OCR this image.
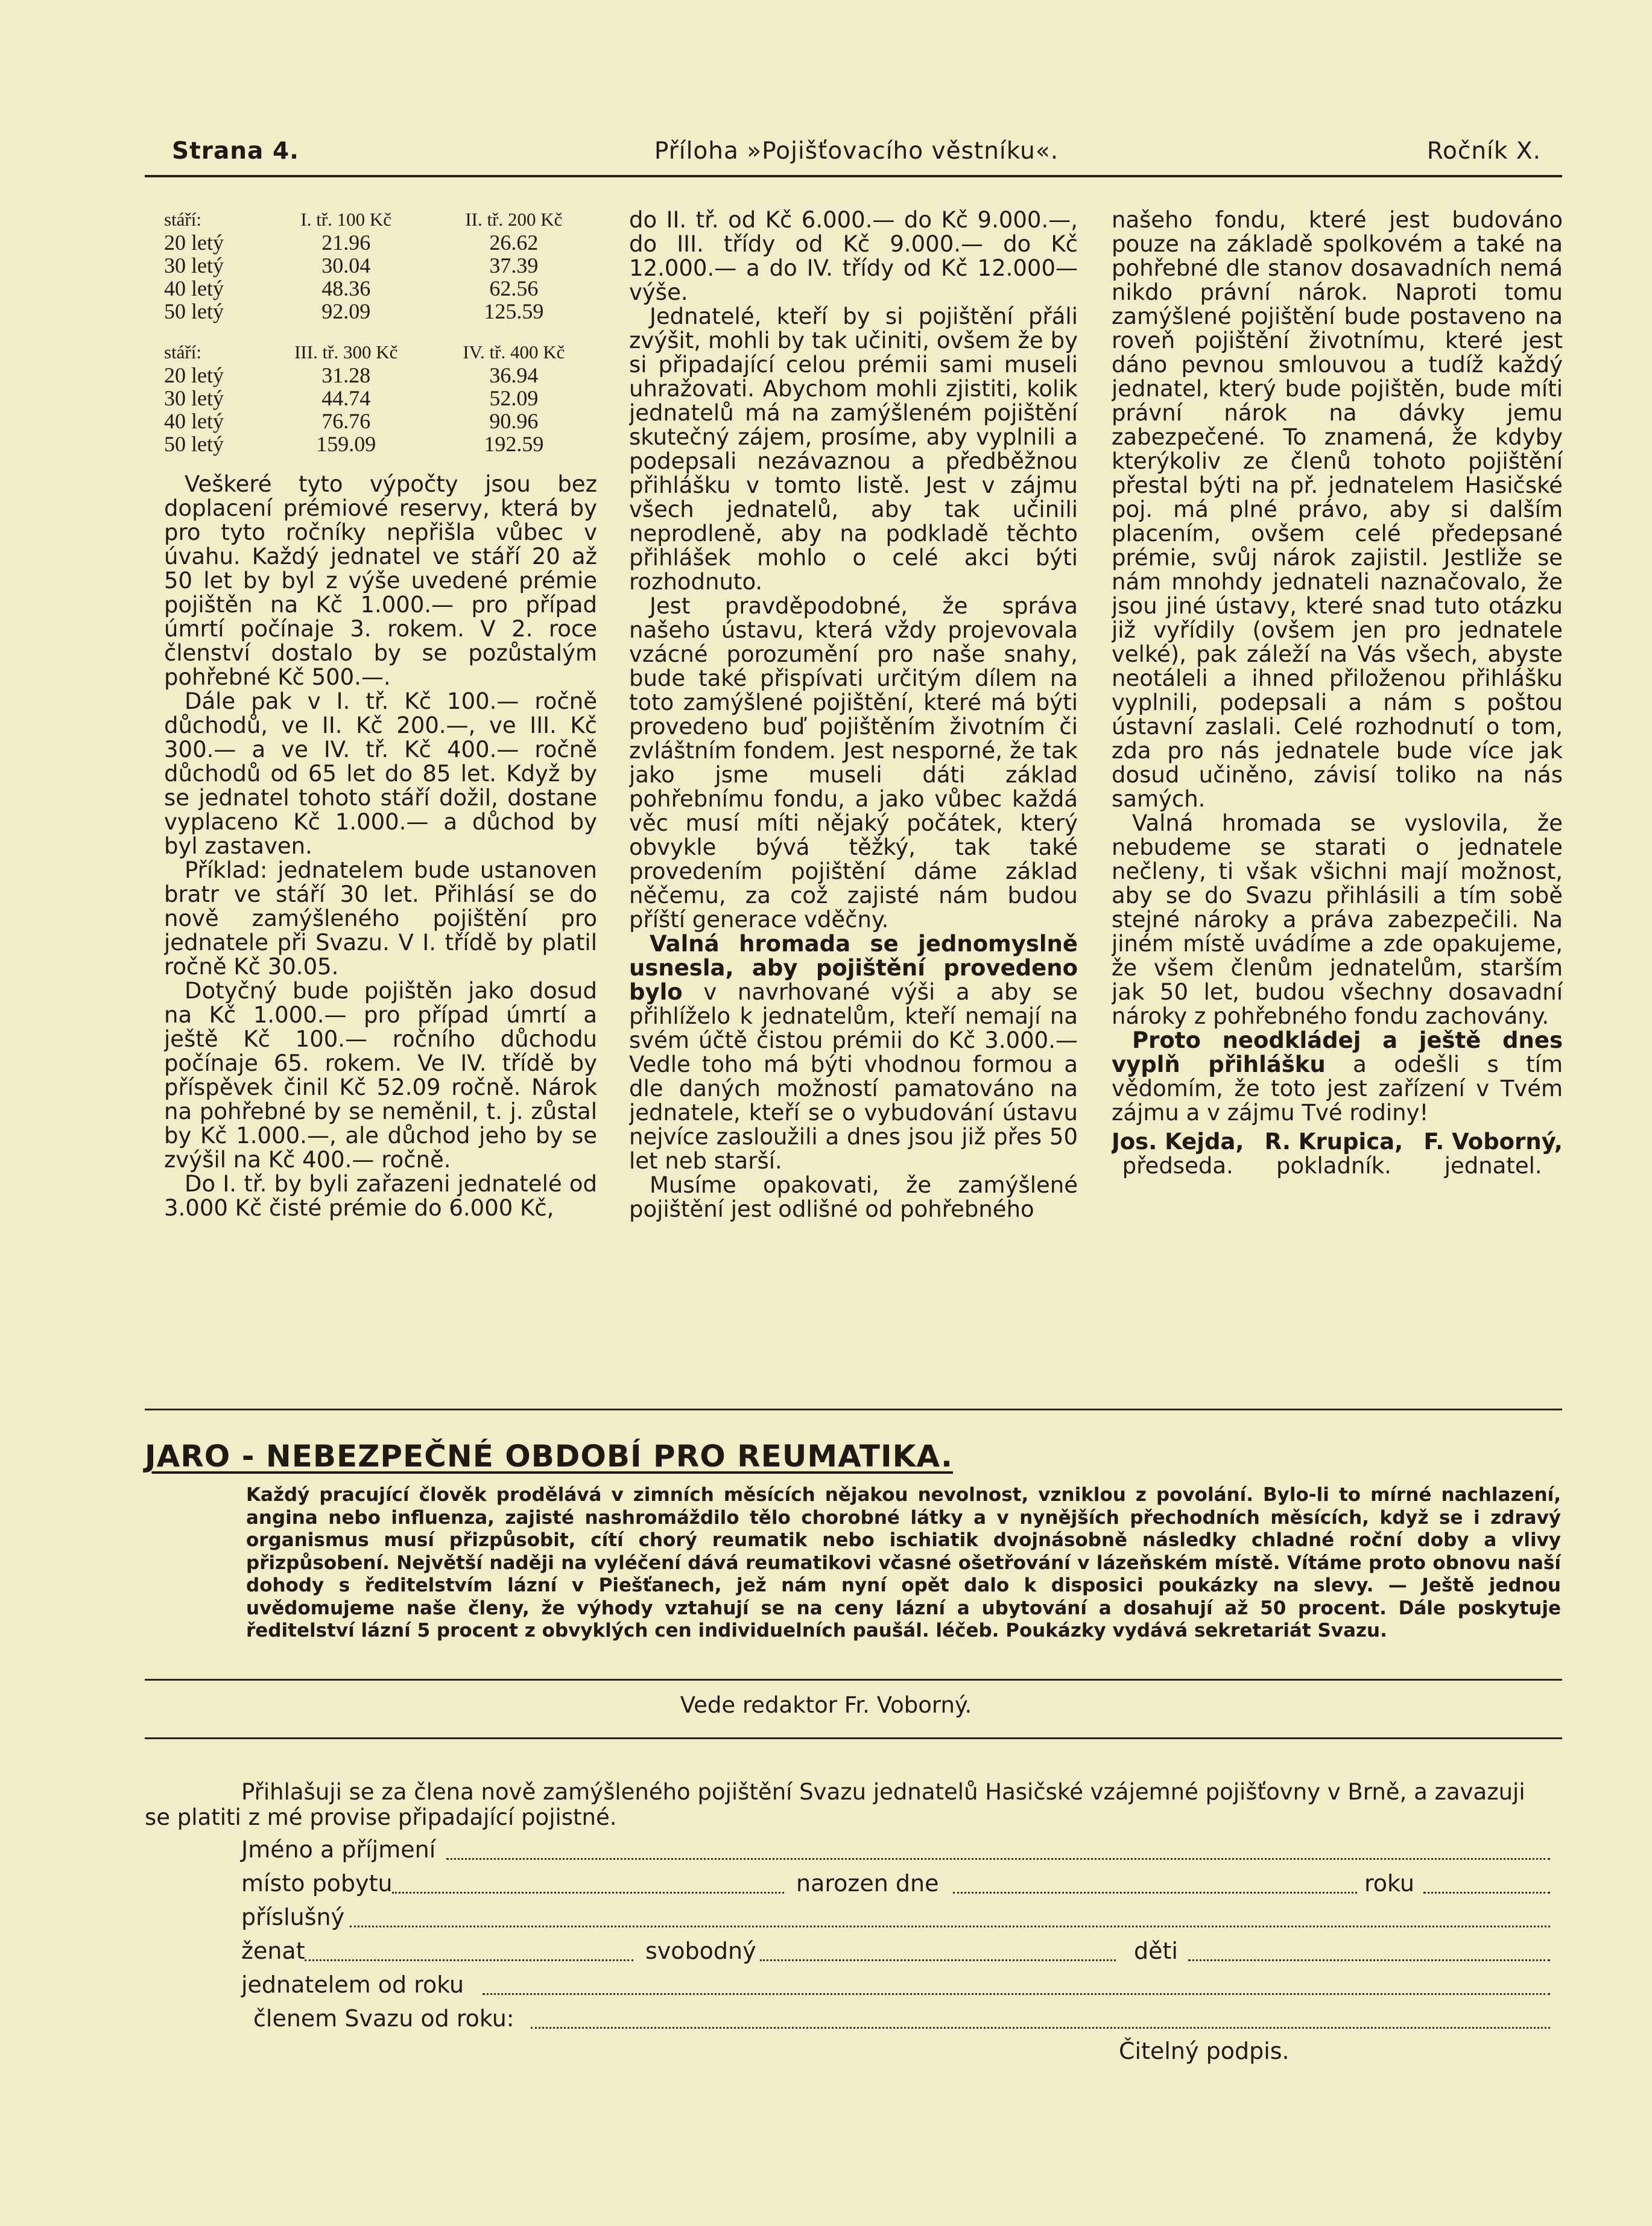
Strana 4.	Příloha »Pojišťovacího věstníku«.	Ročník X.
stáří:	I. tř. 100 Kč	II. tř. 200 Kč
20 letý	21.96	26.62
30 letý	30.04	37.39
40 letý	48.36	62.56
50 letý	92.09	125.59

stáří:	III. tř. 300 Kč	IV. tř. 400 Kč
20 letý	31.28	36.94
30 letý	44.74	52.09
40 letý	76.76	90.96
50 letý	159.09	192.59

Veškeré tyto výpočty jsou bez doplacení prémiové reservy, která by pro tyto ročníky nepřišla vůbec v úvahu. Každý jednatel ve stáří 20 až 50 let by byl z výše uvedené prémie pojištěn na Kč 1.000.— pro případ úmrtí počínaje 3. rokem. V 2. roce členství dostalo by se pozůstalým pohřebné Kč 500.—.

Dále pak v I. tř. Kč 100.— ročně důchodů, ve II. Kč 200.—, ve III. Kč 300.— a ve IV. tř. Kč 400.— ročně důchodů od 65 let do 85 let. Když by se jednatel tohoto stáří dožil, dostane vyplaceno Kč 1.000.— a důchod by byl zastaven.

Příklad: jednatelem bude ustanoven bratr ve stáří 30 let. Přihlásí se do nově zamýšleného pojištění pro jednatele při Svazu. V I. třídě by platil ročně Kč 30.05.

Dotyčný bude pojištěn jako dosud na Kč 1.000.— pro případ úmrtí a ještě Kč 100.— ročního důchodu počínaje 65. rokem. Ve IV. třídě by příspěvek činil Kč 52.09 ročně. Nárok na pohřebné by se neměnil, t. j. zůstal by Kč 1.000.—, ale důchod jeho by se zvýšil na Kč 400.— ročně.

Do I. tř. by byli zařazeni jednatelé od 3.000 Kč čisté prémie do 6.000 Kč,

do II. tř. od Kč 6.000.— do Kč 9.000.—, do III. třídy od Kč 9.000.— do Kč 12.000.— a do IV. třídy od Kč 12.000— výše.

Jednatelé, kteří by si pojištění přáli zvýšit, mohli by tak učiniti, ovšem že by si připadající celou prémii sami museli uhražovati. Abychom mohli zjistiti, kolik jednatelů má na zamýšleném pojištění skutečný zájem, prosíme, aby vyplnili a podepsali nezávaznou a předběžnou přihlášku v tomto listě. Jest v zájmu všech jednatelů, aby tak učinili neprodleně, aby na podkladě těchto přihlášek mohlo o celé akci býti rozhodnuto.

Jest pravděpodobné, že správa našeho ústavu, která vždy projevovala vzácné porozumění pro naše snahy, bude také přispívati určitým dílem na toto zamýšlené pojištění, které má býti provedeno buď pojištěním životním či zvláštním fondem. Jest nesporné, že tak jako jsme museli dáti základ pohřebnímu fondu, a jako vůbec každá věc musí míti nějaký počátek, který obvykle bývá těžký, tak také provedením pojištění dáme základ něčemu, za což zajisté nám budou příští generace vděčny.

Valná hromada se jednomyslně usnesla, aby pojištění provedeno bylo v navrhované výši a aby se přihlíželo k jednatelům, kteří nemají na svém účtě čistou prémii do Kč 3.000.— Vedle toho má býti vhodnou formou a dle daných možností pamatováno na jednatele, kteří se o vybudování ústavu nejvíce zasloužili a dnes jsou již přes 50 let neb starší.

Musíme opakovati, že zamýšlené pojištění jest odlišné od pohřebného

našeho fondu, které jest budováno pouze na základě spolkovém a také na pohřebné dle stanov dosavadních nemá nikdo právní nárok. Naproti tomu zamýšlené pojištění bude postaveno na roveň pojištění životnímu, které jest dáno pevnou smlouvou a tudíž každý jednatel, který bude pojištěn, bude míti právní nárok na dávky jemu zabezpečené. To znamená, že kdyby kterýkoliv ze členů tohoto pojištění přestal býti na př. jednatelem Hasičské poj. má plné právo, aby si dalším placením, ovšem celé předepsané prémie, svůj nárok zajistil. Jestliže se nám mnohdy jednateli naznačovalo, že jsou jiné ústavy, které snad tuto otázku již vyřídily (ovšem jen pro jednatele velké), pak záleží na Vás všech, abyste neotáleli a ihned přiloženou přihlášku vyplnili, podepsali a nám s poštou ústavní zaslali. Celé rozhodnutí o tom, zda pro nás jednatele bude více jak dosud učiněno, závisí toliko na nás samých.

Valná hromada se vyslovila, že nebudeme se starati o jednatele nečleny, ti však všichni mají možnost, aby se do Svazu přihlásili a tím sobě stejné nároky a práva zabezpečili. Na jiném místě uvádíme a zde opakujeme, že všem členům jednatelům, starším jak 50 let, budou všechny dosavadní nároky z pohřebného fondu zachovány.

Proto neodkládej a ještě dnes vyplň přihlášku a odešli s tím vědomím, že toto jest zařízení v Tvém zájmu a v zájmu Tvé rodiny!

Jos. Kejda,
předseda.
R. Krupica,
pokladník.
F. Voborný,
jednatel.
JARO - NEBEZPEČNÉ OBDOBÍ PRO REUMATIKA.
Každý pracující člověk prodělává v zimních měsících nějakou nevolnost, vzniklou z povolání. Bylo-li to mírné nachlazení, angina nebo influenza, zajisté nashromáždilo tělo chorobné látky a v nynějších přechodních měsících, když se i zdravý organismus musí přizpůsobit, cítí chorý reumatik nebo ischiatik dvojnásobně následky chladné roční doby a vlivy přizpůsobení. Největší naději na vyléčení dává reumatikovi včasné ošetřování v lázeňském místě. Vítáme proto obnovu naší dohody s ředitelstvím lázní v Piešťanech, jež nám nyní opět dalo k disposici poukázky na slevy. — Ještě jednou uvědomujeme naše členy, že výhody vztahují se na ceny lázní a ubytování a dosahují až 50 procent. Dále poskytuje ředitelství lázní 5 procent z obvyklých cen individuelních paušál. léčeb. Poukázky vydává sekretariát Svazu.
Vede redaktor Fr. Voborný.

Přihlašuji se za člena nově zamýšleného pojištění Svazu jednatelů Hasičské vzájemné pojišťovny v Brně, a zavazuji se platiti z mé provise připadající pojistné.

Jméno a příjmení
místo pobytu	narozen dne	roku
příslušný
ženat	svobodný	děti
jednatelem od roku
členem Svazu od roku:
Čitelný podpis.
